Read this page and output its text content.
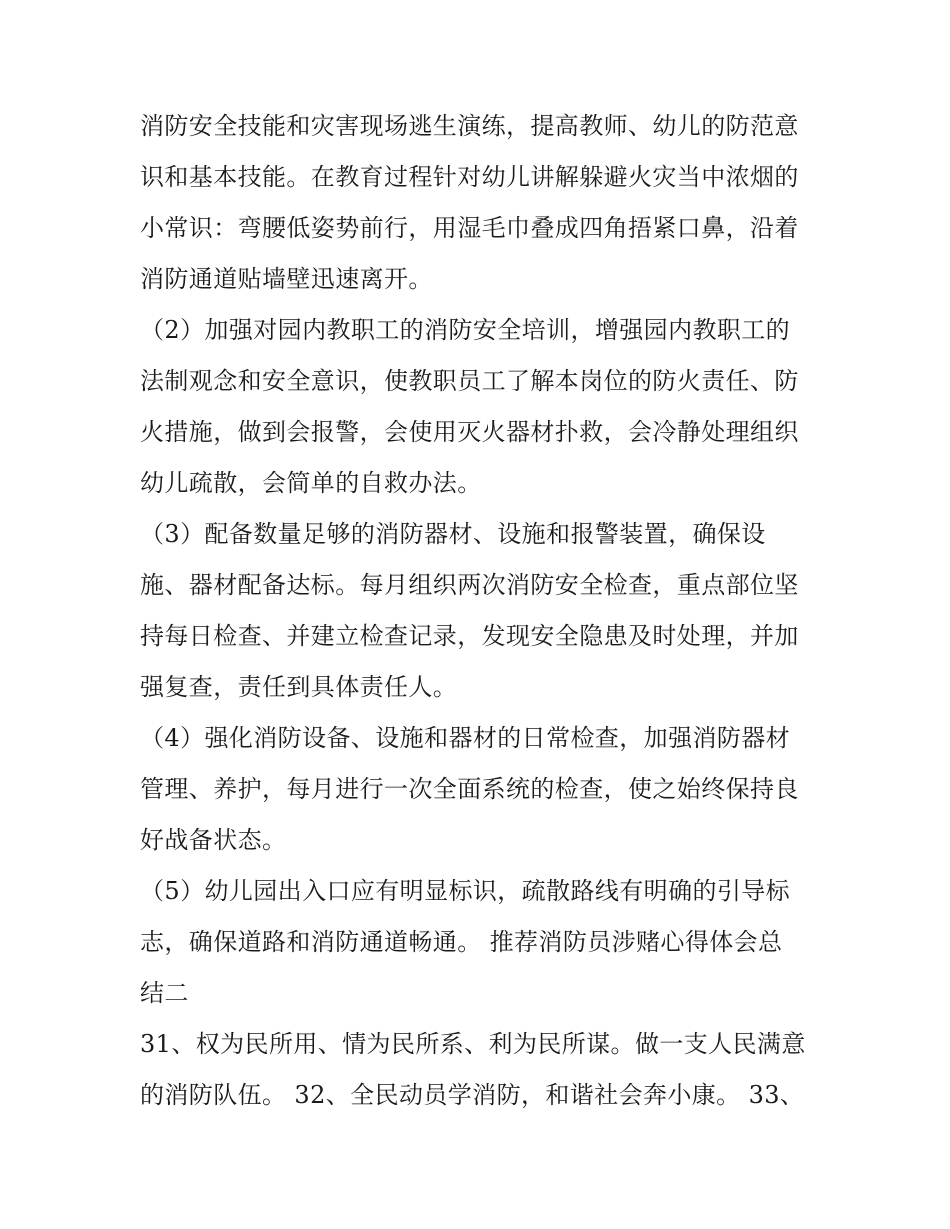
消防安全技能和灾害现场逃生演练，提高教师、幼儿的防范意
识和基本技能。在教育过程针对幼儿讲解躲避火灾当中浓烟的
小常识：弯腰低姿势前行，用湿毛巾叠成四角捂紧口鼻，沿着
消防通道贴墙壁迅速离开。
（2）加强对园内教职工的消防安全培训，增强园内教职工的
法制观念和安全意识，使教职员工了解本岗位的防火责任、防
火措施，做到会报警，会使用灭火器材扑救，会冷静处理组织
幼儿疏散，会简单的自救办法。
（3）配备数量足够的消防器材、设施和报警装置，确保设
施、器材配备达标。每月组织两次消防安全检查，重点部位坚
持每日检查、并建立检查记录，发现安全隐患及时处理，并加
强复查，责任到具体责任人。
（4）强化消防设备、设施和器材的日常检查，加强消防器材
管理、养护，每月进行一次全面系统的检查，使之始终保持良
好战备状态。
（5）幼儿园出入口应有明显标识，疏散路线有明确的引导标
志，确保道路和消防通道畅通。 推荐消防员涉赌心得体会总
结二
31、权为民所用、情为民所系、利为民所谋。做一支人民满意
的消防队伍。 32、全民动员学消防，和谐社会奔小康。 33、
